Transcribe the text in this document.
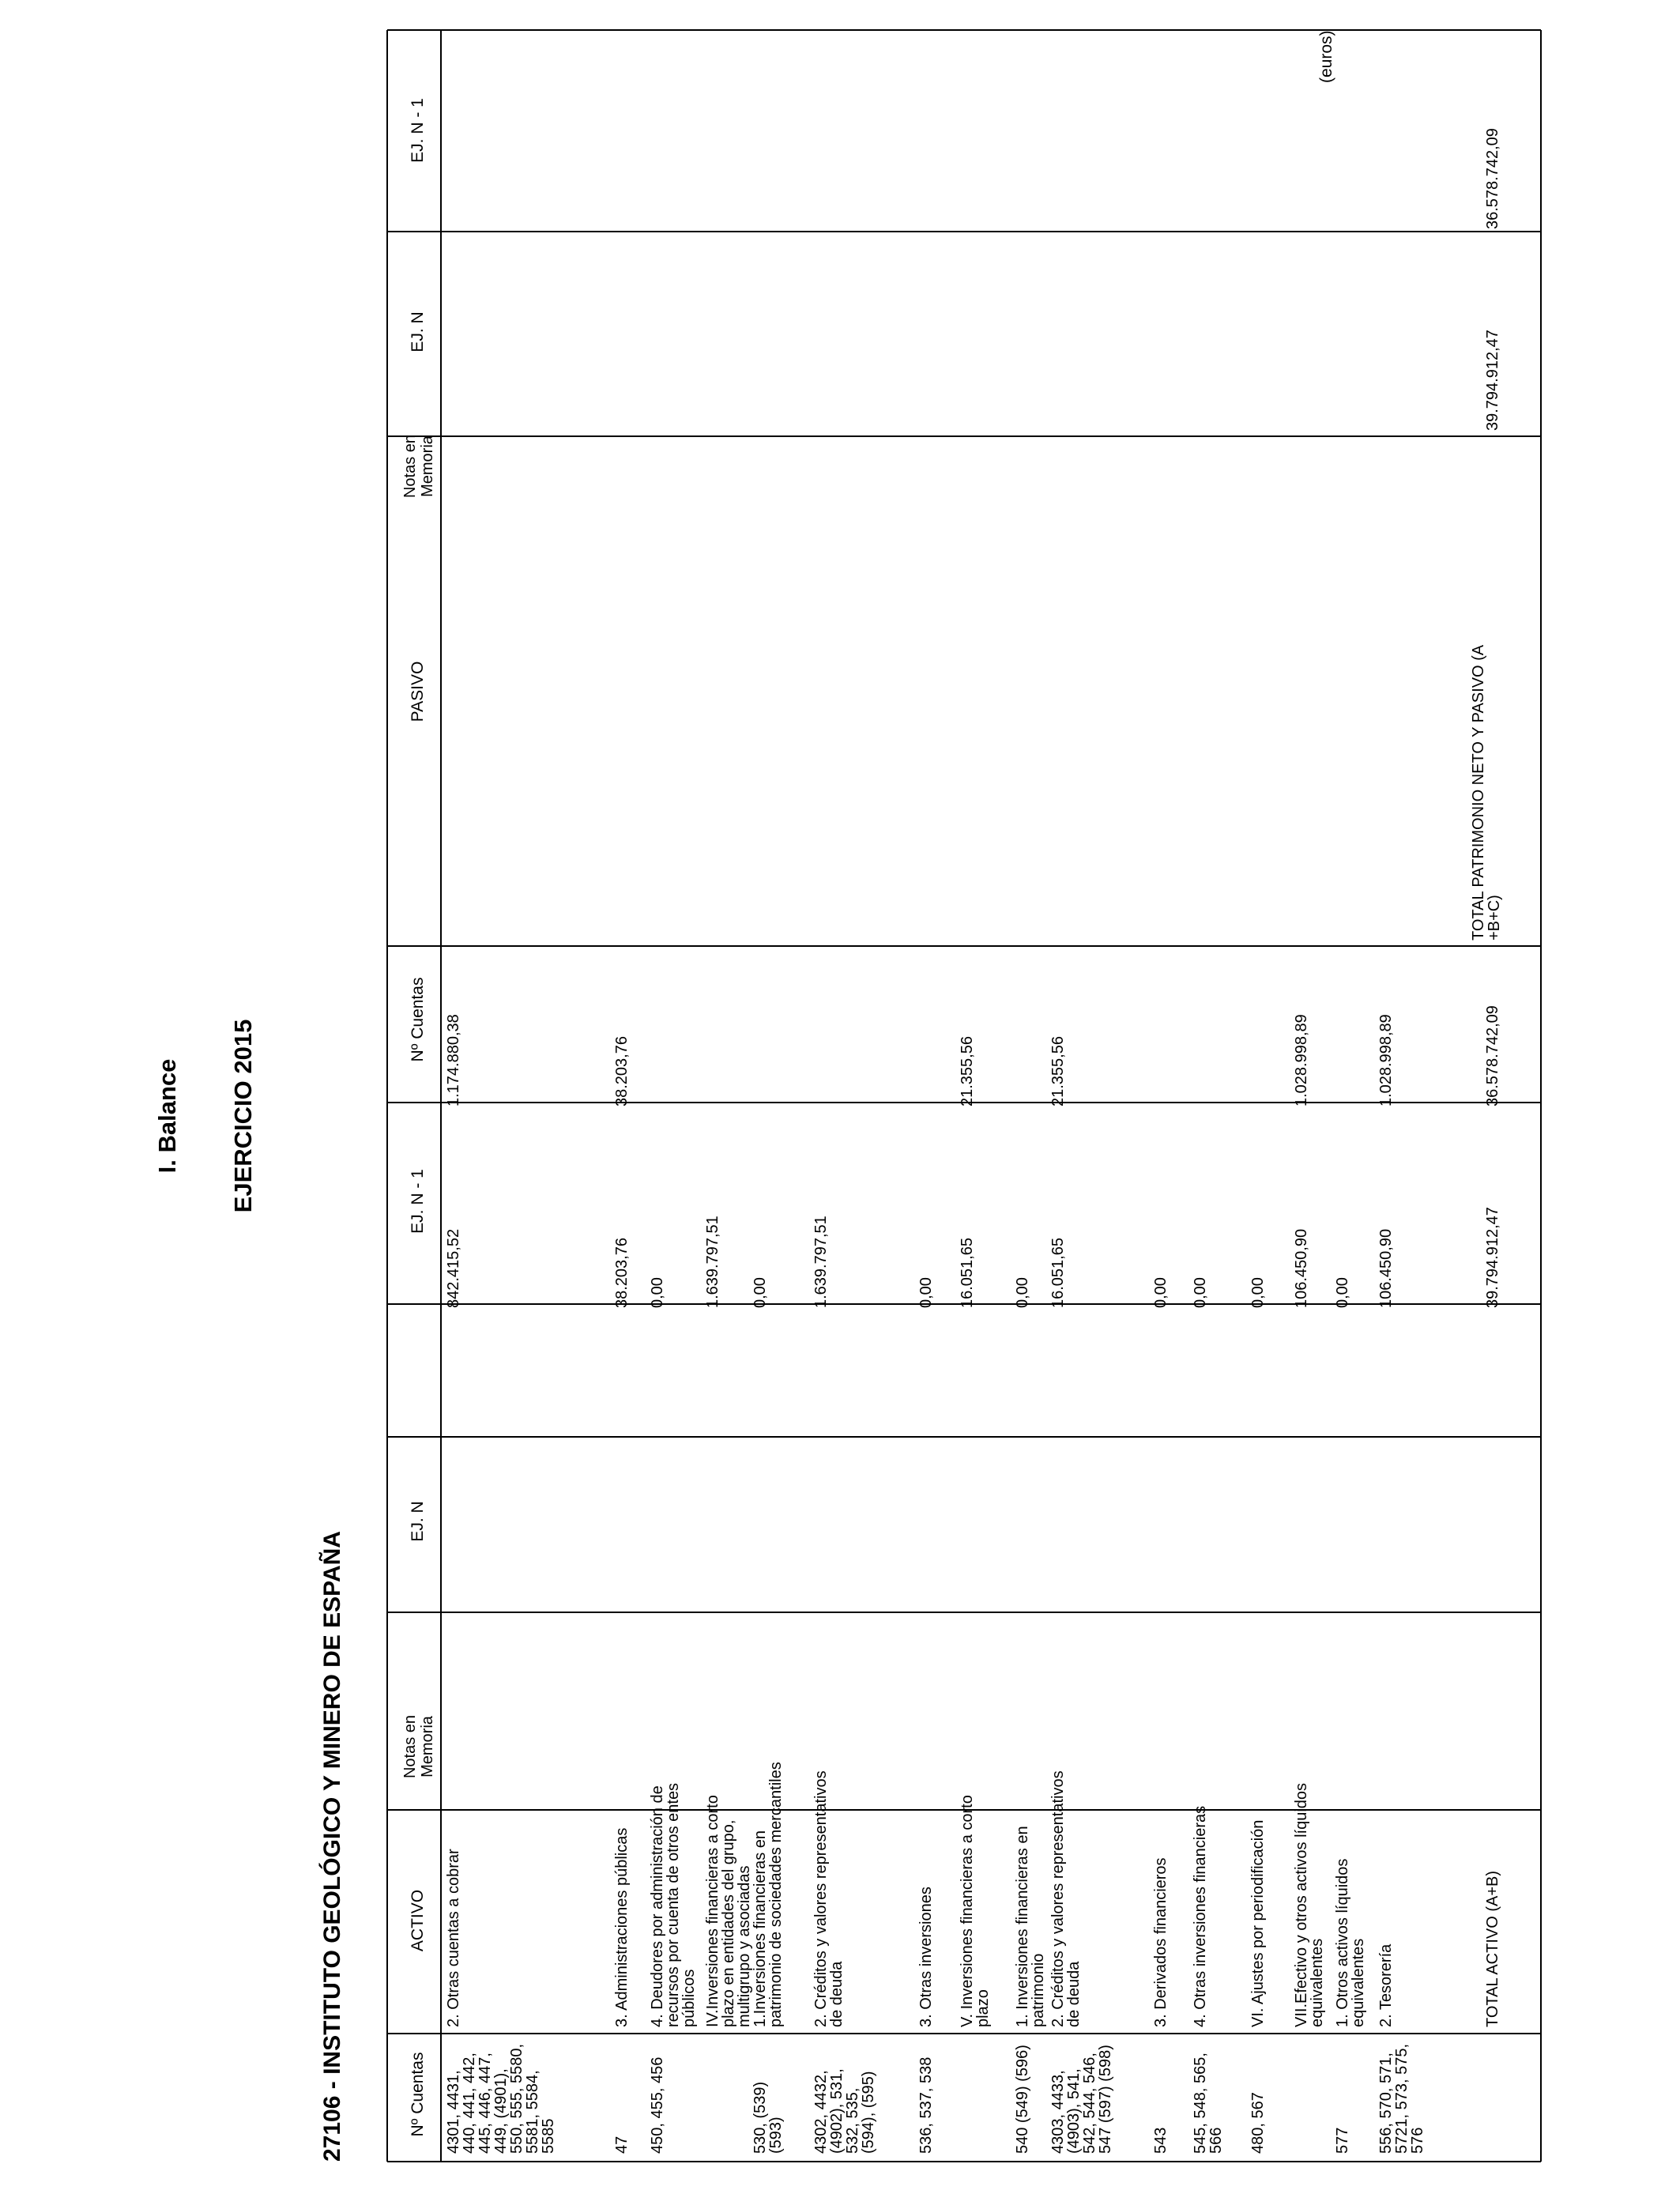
I. Balance EJERCICIO 2015
27106 - INSTITUTO GEOLÓGICO Y MINERO DE ESPAÑA
(euros)
Nº Cuentas
ACTIVO
Notas en Memoria
EJ. N
EJ. N - 1
Nº Cuentas
PASIVO
Notas en Memoria
EJ. N
EJ. N - 1
4301, 4431,
440, 441, 442,
445, 446, 447,
449, (4901),
550, 555, 5580,
5581, 5584,
5585
2. Otras cuentas a cobrar
842.415,52
1.174.880,38
47
3. Administraciones públicas
38.203,76
38.203,76
450, 455, 456
4. Deudores por administración de
recursos por cuenta de otros entes
públicos
0,00
IV.Inversiones financieras a corto
plazo en entidades del grupo,
multigrupo y asociadas
1.639.797,51
530, (539)
(593)
1.Inversiones financieras en
patrimonio de sociedades mercantiles
0,00
4302, 4432,
(4902), 531,
532, 535,
(594), (595)
2. Créditos y valores representativos
de deuda
1.639.797,51
536, 537, 538
3. Otras inversiones
0,00
V. Inversiones financieras a corto
plazo
16.051,65
21.355,56
540 (549) (596)
1. Inversiones financieras en
patrimonio
0,00
4303, 4433,
(4903), 541,
542, 544, 546,
547 (597) (598)
2. Créditos y valores representativos
de deuda
16.051,65
21.355,56
543
3. Derivados financieros
0,00
545, 548, 565,
566
4. Otras inversiones financieras
0,00
480, 567
VI. Ajustes por periodificación
0,00
VII.Efectivo y otros activos líquidos
equivalentes
106.450,90
1.028.998,89
577
1. Otros activos líquidos
equivalentes
0,00
556, 570, 571,
5721, 573, 575,
576
2. Tesorería
106.450,90
1.028.998,89
TOTAL ACTIVO (A+B)
39.794.912,47
36.578.742,09
TOTAL PATRIMONIO NETO Y PASIVO (A
+B+C)
39.794.912,47
36.578.742,09
